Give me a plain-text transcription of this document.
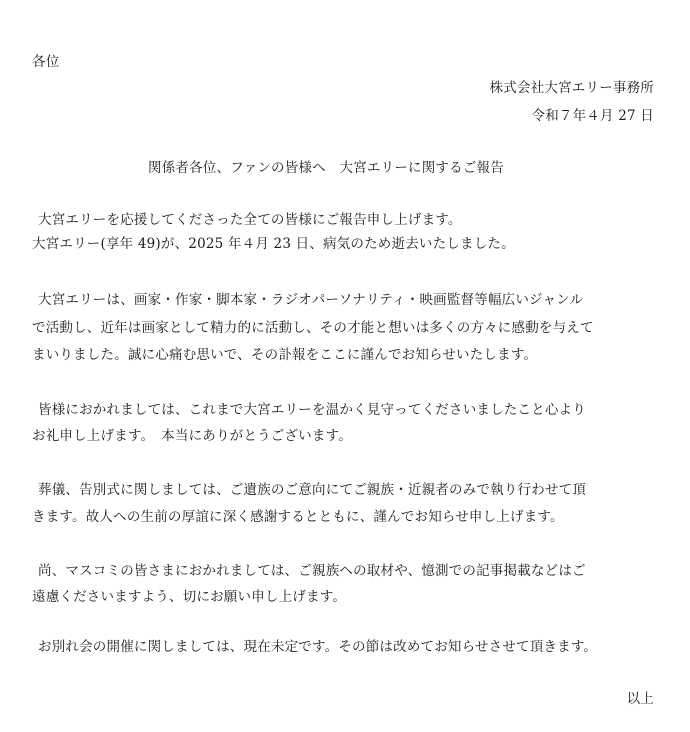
各位
株式会社大宮エリー事務所
令和７年４月 27 日
関係者各位、ファンの皆様へ　大宮エリーに関するご報告
大宮エリーを応援してくださった全ての皆様にご報告申し上げます。
大宮エリー(享年 49)が、2025 年４月 23 日、病気のため逝去いたしました。
大宮エリーは、画家・作家・脚本家・ラジオパーソナリティ・映画監督等幅広いジャンル
で活動し、近年は画家として精力的に活動し、その才能と想いは多くの方々に感動を与えて
まいりました。誠に心痛む思いで、その訃報をここに謹んでお知らせいたします。
皆様におかれましては、これまで大宮エリーを温かく見守ってくださいましたこと心より
お礼申し上げます。　本当にありがとうございます。
葬儀、告別式に関しましては、ご遺族のご意向にてご親族・近親者のみで執り行わせて頂
きます。故人への生前の厚誼に深く感謝するとともに、謹んでお知らせ申し上げます。
尚、マスコミの皆さまにおかれましては、ご親族への取材や、憶測での記事掲載などはご
遠慮くださいますよう、切にお願い申し上げます。
お別れ会の開催に関しましては、現在未定です。その節は改めてお知らせさせて頂きます。
以上
